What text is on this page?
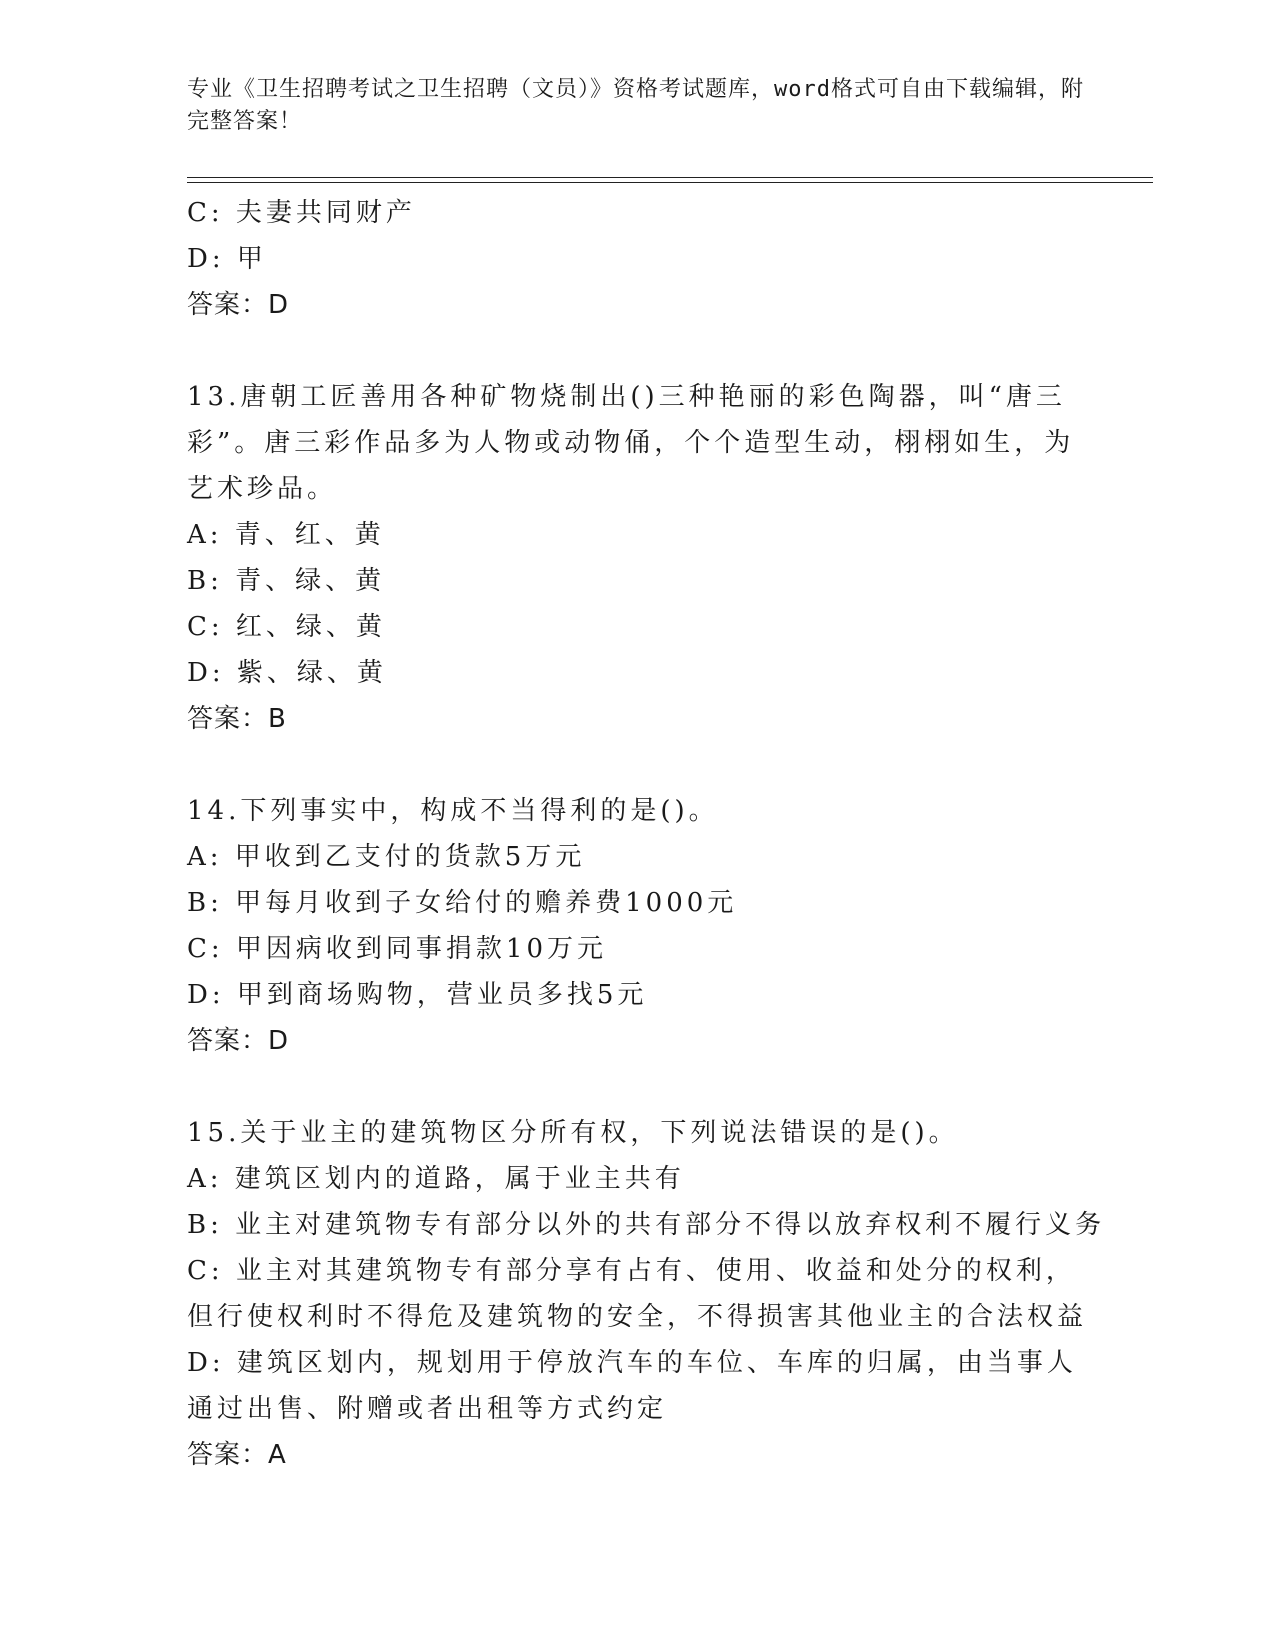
专业《卫生招聘考试之卫生招聘（文员）》资格考试题库，word格式可自由下载编辑，附完整答案！
C: 夫妻共同财产
D: 甲
答案：D
13.唐朝工匠善用各种矿物烧制出()三种艳丽的彩色陶器，叫“唐三彩”。唐三彩作品多为人物或动物俑，个个造型生动，栩栩如生，为艺术珍品。
A: 青、红、黄
B: 青、绿、黄
C: 红、绿、黄
D: 紫、绿、黄
答案：B
14.下列事实中，构成不当得利的是()。
A: 甲收到乙支付的货款5万元
B: 甲每月收到子女给付的赡养费1000元
C: 甲因病收到同事捐款10万元
D: 甲到商场购物，营业员多找5元
答案：D
15.关于业主的建筑物区分所有权，下列说法错误的是()。
A: 建筑区划内的道路，属于业主共有
B: 业主对建筑物专有部分以外的共有部分不得以放弃权利不履行义务
C: 业主对其建筑物专有部分享有占有、使用、收益和处分的权利，但行使权利时不得危及建筑物的安全，不得损害其他业主的合法权益
D: 建筑区划内，规划用于停放汽车的车位、车库的归属，由当事人通过出售、附赠或者出租等方式约定
答案：A
